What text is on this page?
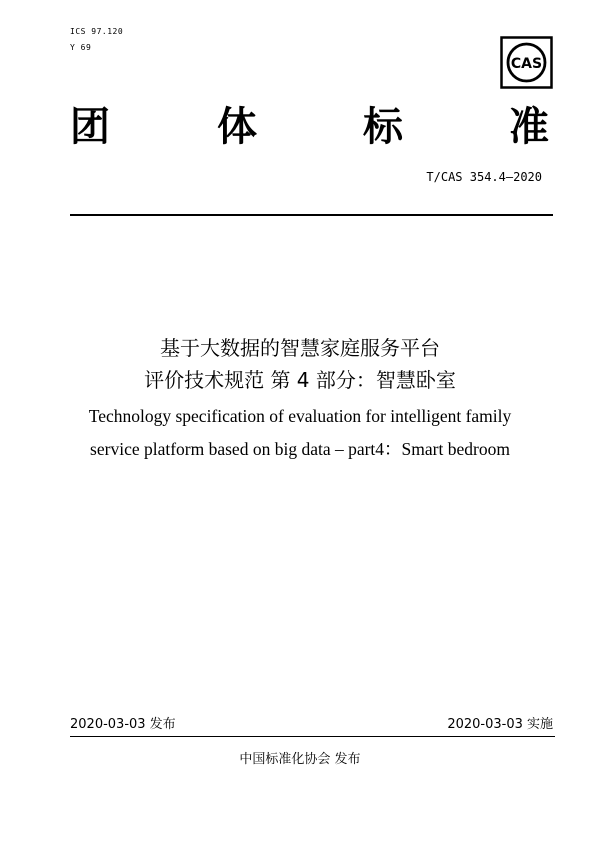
ICS 97.120
Y 69
CAS
团	体	标	准
T/CAS 354.4—2020
基于大数据的智慧家庭服务平台
评价技术规范 第 4 部分：智慧卧室
Technology specification of evaluation for intelligent family
service platform based on big data – part4：Smart bedroom
2020-03-03 发布	2020-03-03 实施
中国标准化协会 发布
